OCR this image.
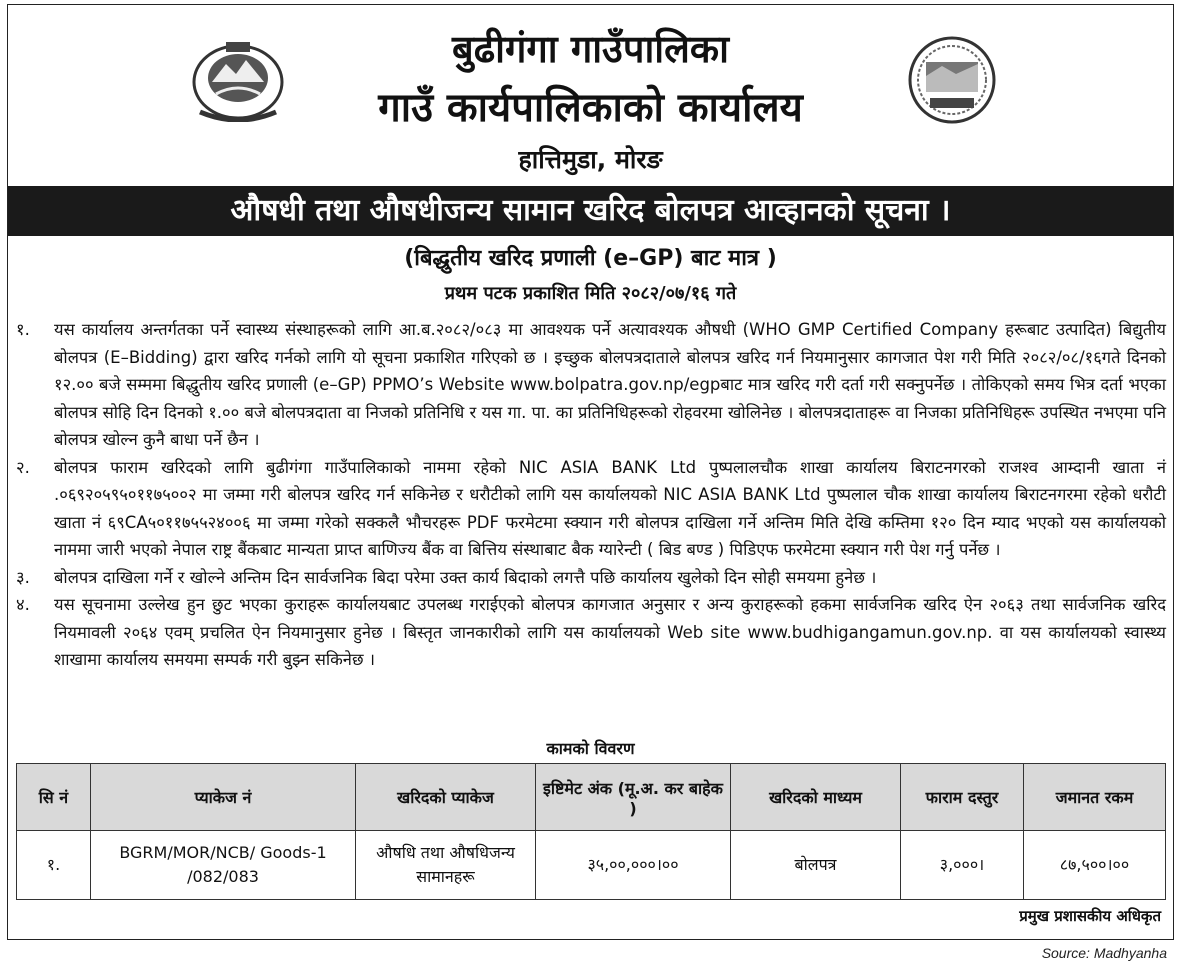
बुढीगंगा गाउँपालिका
गाउँ कार्यपालिकाको कार्यालय
हात्तिमुडा, मोरङ
औषधी तथा औषधीजन्य सामान खरिद बोलपत्र आव्हानको सूचना ।
(बिद्धुतीय खरिद प्रणाली (e–GP) बाट मात्र )
प्रथम पटक प्रकाशित मिति २०८२/०७/१६ गते

१.	यस कार्यालय अन्तर्गतका पर्ने स्वास्थ्य संस्थाहरूको लागि आ.ब.२०८२/०८३ मा आवश्यक पर्ने अत्यावश्यक औषधी (WHO GMP Certified Company हरूबाट उत्पादित) बिद्युतीय बोलपत्र (E–Bidding) द्वारा खरिद गर्नको लागि यो सूचना प्रकाशित गरिएको छ । इच्छुक बोलपत्रदाताले बोलपत्र खरिद गर्न नियमानुसार कागजात पेश गरी मिति २०८२/०८/१६गते दिनको १२.०० बजे सम्ममा बिद्धुतीय खरिद प्रणाली (e–GP) PPMO’s Website www.bolpatra.gov.np/egpबाट मात्र खरिद गरी दर्ता गरी सक्नुपर्नेछ । तोकिएको समय भित्र दर्ता भएका बोलपत्र सोहि दिन दिनको १.०० बजे बोलपत्रदाता वा निजको प्रतिनिधि र यस गा. पा. का प्रतिनिधिहरूको रोहवरमा खोलिनेछ । बोलपत्रदाताहरू वा निजका प्रतिनिधिहरू उपस्थित नभएमा पनि बोलपत्र खोल्न कुनै बाधा पर्ने छैन ।

२.	बोलपत्र फाराम खरिदको लागि बुढीगंगा गाउँपालिकाको नाममा रहेको NIC ASIA BANK Ltd पुष्पलालचौक शाखा कार्यालय बिराटनगरको राजश्व आम्दानी खाता नं .०६९२०५९५०११७५००२ मा जम्मा गरी बोलपत्र खरिद गर्न सकिनेछ र धरौटीको लागि यस कार्यालयको NIC ASIA BANK Ltd पुष्पलाल चौक शाखा कार्यालय बिराटनगरमा रहेको धरौटी खाता नं ६९CA५०११७५५२४००६ मा जम्मा गरेको सक्कलै भौचरहरू PDF फरमेटमा स्क्यान गरी बोलपत्र दाखिला गर्ने अन्तिम मिति देखि कम्तिमा १२० दिन म्याद भएको यस कार्यालयको नाममा जारी भएको नेपाल राष्ट्र बैंकबाट मान्यता प्राप्त बाणिज्य बैंक वा बित्तिय संस्थाबाट बैक ग्यारेन्टी ( बिड बण्ड ) पिडिएफ फरमेटमा स्क्यान गरी पेश गर्नु पर्नेछ ।

३.	बोलपत्र दाखिला गर्ने र खोल्ने अन्तिम दिन सार्वजनिक बिदा परेमा उक्त कार्य बिदाको लगत्तै पछि कार्यालय खुलेको दिन सोही समयमा हुनेछ ।

४.	यस सूचनामा उल्लेख हुन छुट भएका कुराहरू कार्यालयबाट उपलब्ध गराईएको बोलपत्र कागजात अनुसार र अन्य कुराहरूको हकमा सार्वजनिक खरिद ऐन २०६३ तथा सार्वजनिक खरिद नियमावली २०६४ एवम् प्रचलित ऐन नियमानुसार हुनेछ । बिस्तृत जानकारीको लागि यस कार्यालयको Web site www.budhigangamun.gov.np. वा यस कार्यालयको स्वास्थ्य शाखामा कार्यालय समयमा सम्पर्क गरी बुझ्न सकिनेछ ।

कामको विवरण
सि नं	प्याकेज नं	खरिदको प्याकेज	इष्टिमेट अंक (मू.अ. कर बाहेक )	खरिदको माध्यम	फाराम दस्तुर	जमानत रकम
१.	BGRM/MOR/NCB/ Goods-1 /082/083	औषधि तथा औषधिजन्य सामानहरू	३५,००,०००।००	बोलपत्र	३,०००।	८७,५००।००
प्रमुख प्रशासकीय अधिकृत
Source: Madhyanha
